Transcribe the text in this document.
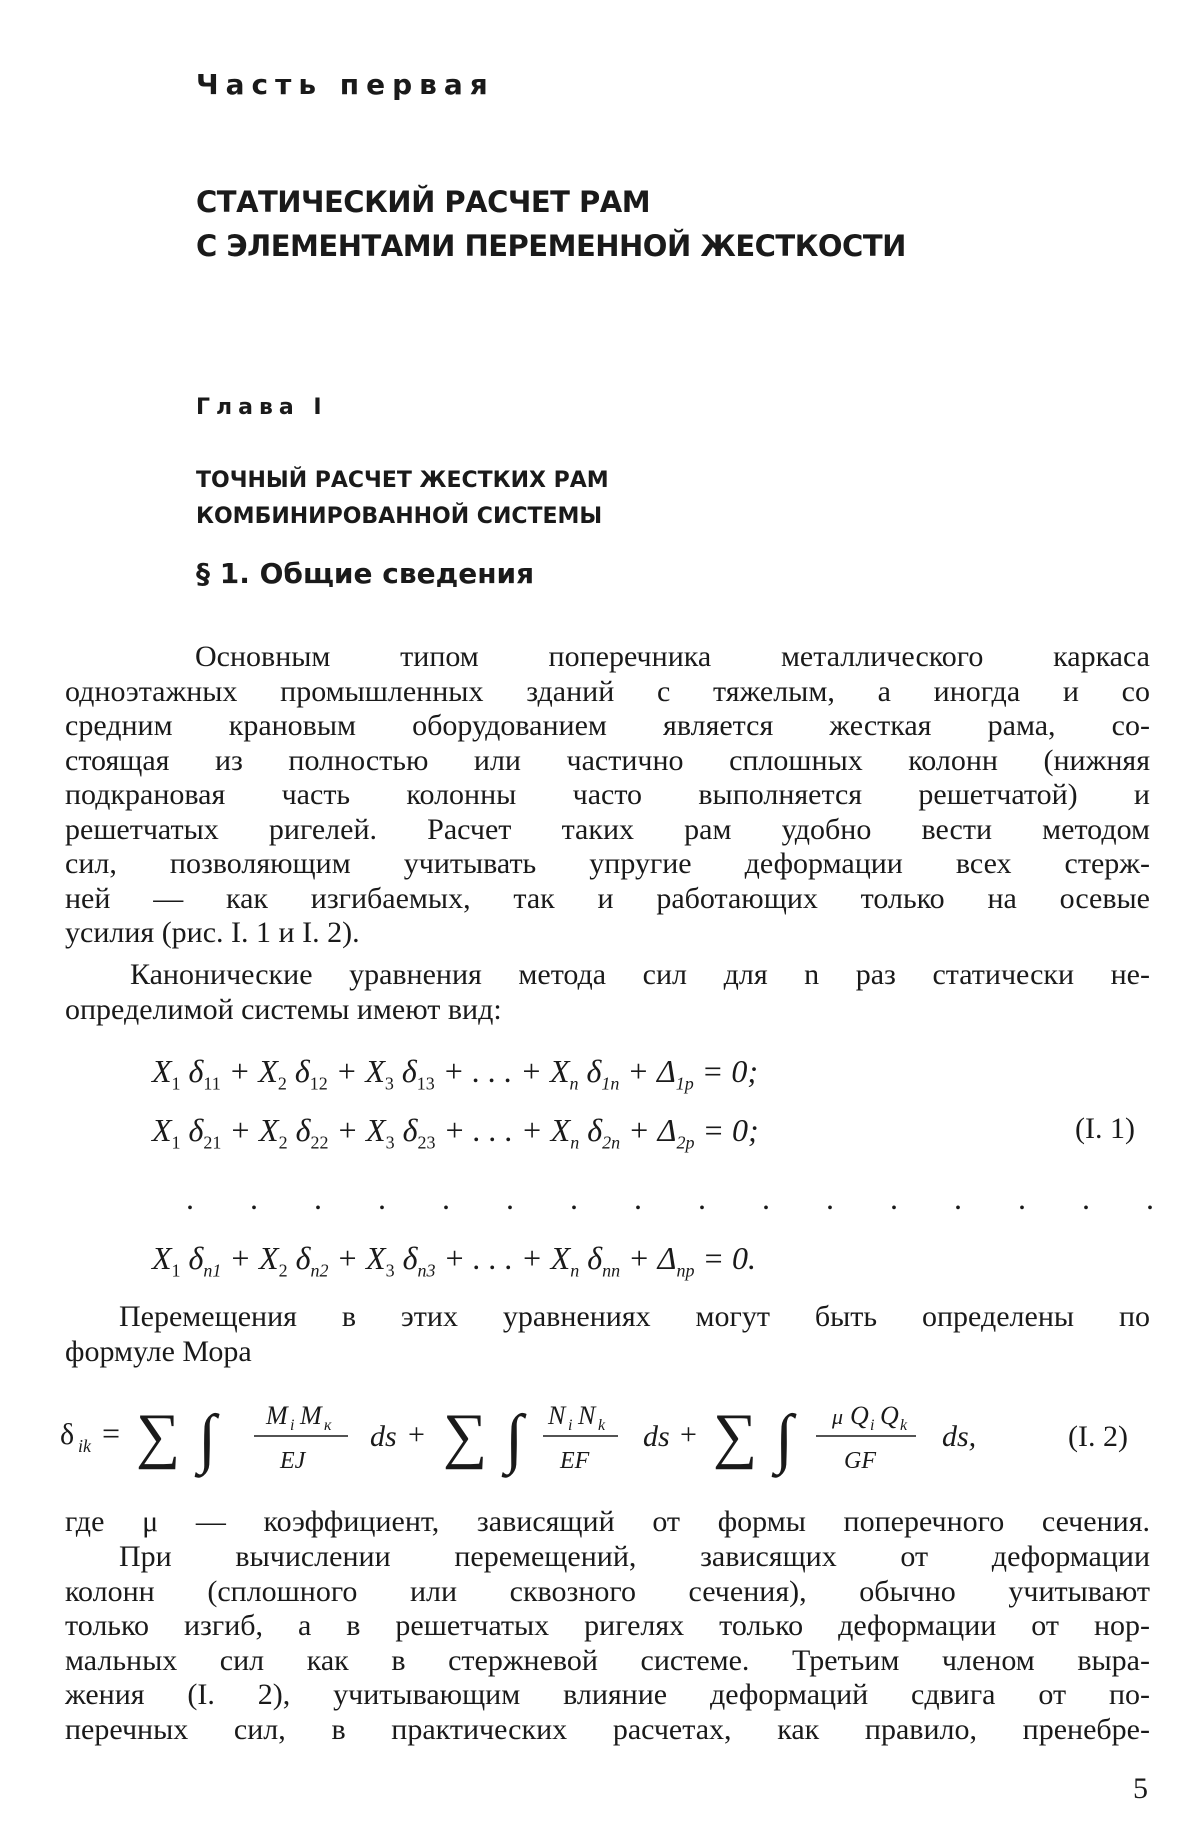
Часть первая
СТАТИЧЕСКИЙ РАСЧЕТ РАМ
С ЭЛЕМЕНТАМИ ПЕРЕМЕННОЙ ЖЕСТКОСТИ
Глава I
ТОЧНЫЙ РАСЧЕТ ЖЕСТКИХ РАМ
КОМБИНИРОВАННОЙ СИСТЕМЫ
§ 1. Общие сведения
Основным типом поперечника металлического каркаса
одноэтажных промышленных зданий с тяжелым, а иногда и со
средним крановым оборудованием является жесткая рама, со-
стоящая из полностью или частично сплошных колонн (нижняя
подкрановая часть колонны часто выполняется решетчатой) и
решетчатых ригелей. Расчет таких рам удобно вести методом
сил, позволяющим учитывать упругие деформации всех стерж-
ней — как изгибаемых, так и работающих только на осевые
усилия (рис. I. 1 и I. 2).
Канонические уравнения метода сил для n раз статически не-
определимой системы имеют вид:
$X_1$ $\delta_{11} + X_2$ $\delta_{12} + X_3$ $\delta_{13}$ + . . . + $X_n$ $\delta_{1n} + \Delta_{1p} = 0$;
$X_1$ $\delta_{21} + X_2$ $\delta_{22} + X_3$ $\delta_{23}$ + . . . + $X_n$ $\delta_{2n} + \Delta_{2p} = 0$;	(I. 1)
. . . . . . . . . . . . . . . .
$X_1$ $\delta_{n1} + X_2$ $\delta_{n2} + X_3$ $\delta_{n3}$ + . . . + $X_n$ $\delta_{nn} + \Delta_{np} = 0$.
Перемещения в этих уравнениях могут быть определены по
формуле Мора
δ ik = ∑ ∫ M i M к
EJ
ds + ∑ ∫ N i N k
EF
ds + ∑ ∫ μ Q i Q k
GF
ds,	(I. 2)
где μ — коэффициент, зависящий от формы поперечного сечения.
При вычислении перемещений, зависящих от деформации
колонн (сплошного или сквозного сечения), обычно учитывают
только изгиб, а в решетчатых ригелях только деформации от нор-
мальных сил как в стержневой системе. Третьим членом выра-
жения (I. 2), учитывающим влияние деформаций сдвига от по-
перечных сил, в практических расчетах, как правило, пренебре-
5
